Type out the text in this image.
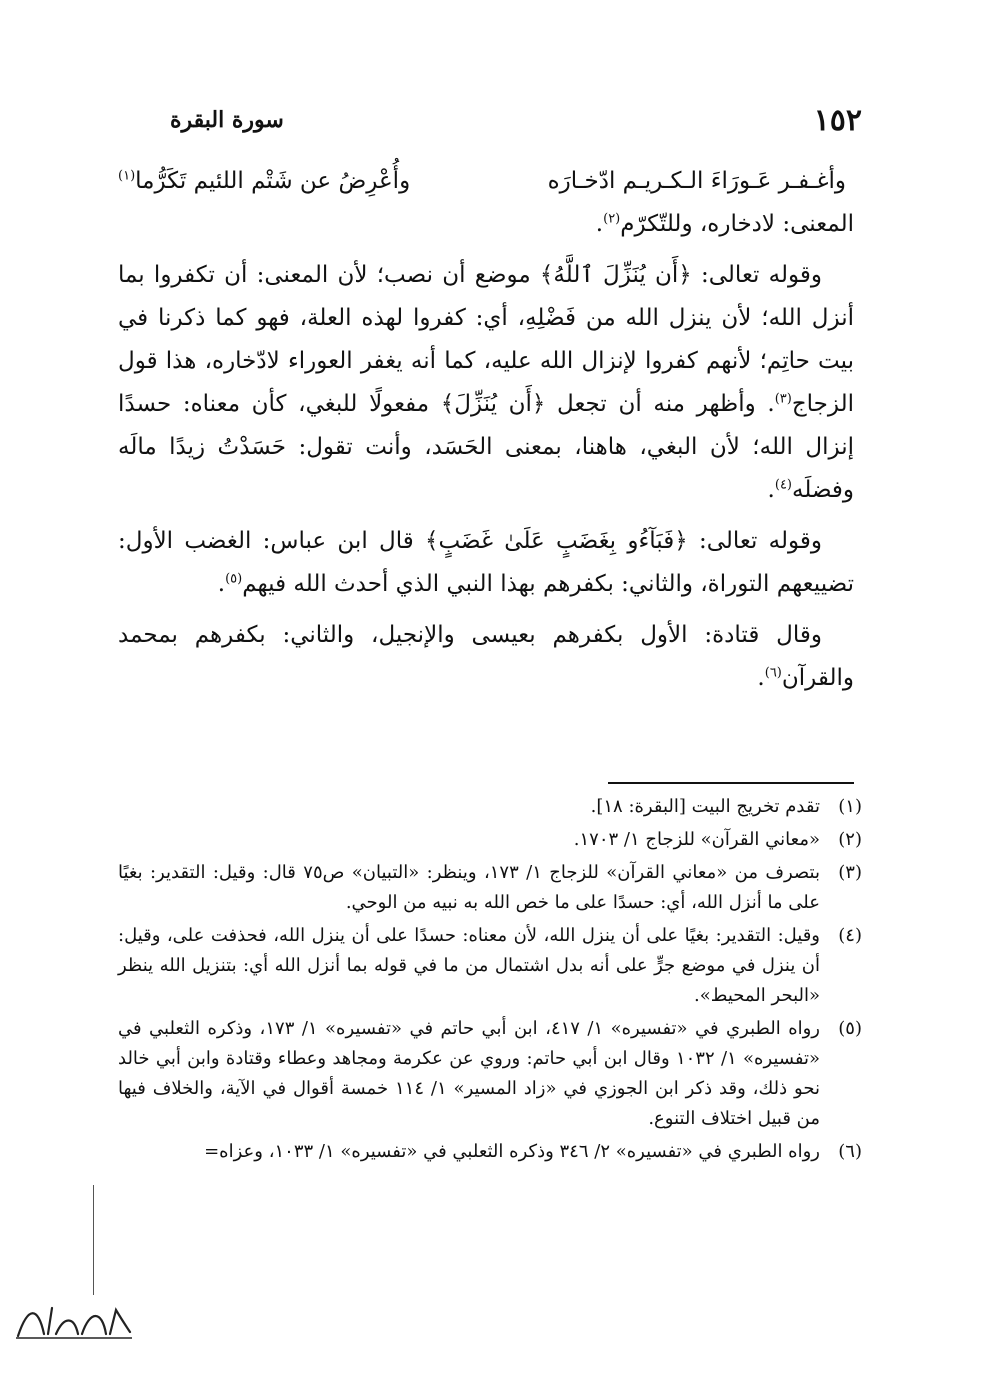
١٥٢
سورة البقرة
وأغـفـر عَـورَاءَ الـكـريـم ادّخـارَه
وأُعْرِضُ عن شَتْم اللئيم تَكَرُّما$^{(١)}$

المعنى: لادخاره، وللتّكرّم$^{(٢)}$.

وقوله تعالى: ﴿أَن يُنَزِّلَ ٱللَّهُ﴾ موضع أن نصب؛ لأن المعنى: أن تكفروا بما أنزل الله؛ لأن ينزل الله من فَضْلِهِ، أي: كفروا لهذه العلة، فهو كما ذكرنا في بيت حاتِم؛ لأنهم كفروا لإنزال الله عليه، كما أنه يغفر العوراء لادّخاره، هذا قول الزجاج$^{(٣)}$. وأظهر منه أن تجعل ﴿أَن يُنَزِّلَ﴾ مفعولًا للبغي، كأن معناه: حسدًا إنزال الله؛ لأن البغي، هاهنا، بمعنى الحَسَد، وأنت تقول: حَسَدْتُ زيدًا مالَه وفضلَه$^{(٤)}$.

وقوله تعالى: ﴿فَبَآءُو بِغَضَبٍ عَلَىٰ غَضَبٍ﴾ قال ابن عباس: الغضب الأول: تضييعهم التوراة، والثاني: بكفرهم بهذا النبي الذي أحدث الله فيهم$^{(٥)}$.

وقال قتادة: الأول بكفرهم بعيسى والإنجيل، والثاني: بكفرهم بمحمد والقرآن$^{(٦)}$.

(١)
تقدم تخريج البيت [البقرة: ١٨].
(٢)
«معاني القرآن» للزجاج ١/ ١٧٠٣.
(٣)
بتصرف من «معاني القرآن» للزجاج ١/ ١٧٣، وينظر: «التبيان» ص٧٥ قال: وقيل: التقدير: بغيًا على ما أنزل الله، أي: حسدًا على ما خص الله به نبيه من الوحي.
(٤)
وقيل: التقدير: بغيًا على أن ينزل الله، لأن معناه: حسدًا على أن ينزل الله، فحذفت على، وقيل: أن ينزل في موضع جرٍّ على أنه بدل اشتمال من ما في قوله بما أنزل الله أي: بتنزيل الله ينظر «البحر المحيط».
(٥)
رواه الطبري في «تفسيره» ١/ ٤١٧، ابن أبي حاتم في «تفسيره» ١/ ١٧٣، وذكره الثعلبي في «تفسيره» ١/ ١٠٣٢ وقال ابن أبي حاتم: وروي عن عكرمة ومجاهد وعطاء وقتادة وابن أبي خالد نحو ذلك، وقد ذكر ابن الجوزي في «زاد المسير» ١/ ١١٤ خمسة أقوال في الآية، والخلاف فيها من قبيل اختلاف التنوع.
(٦)
رواه الطبري في «تفسيره» ٢/ ٣٤٦ وذكره الثعلبي في «تفسيره» ١/ ١٠٣٣، وعزاه=
